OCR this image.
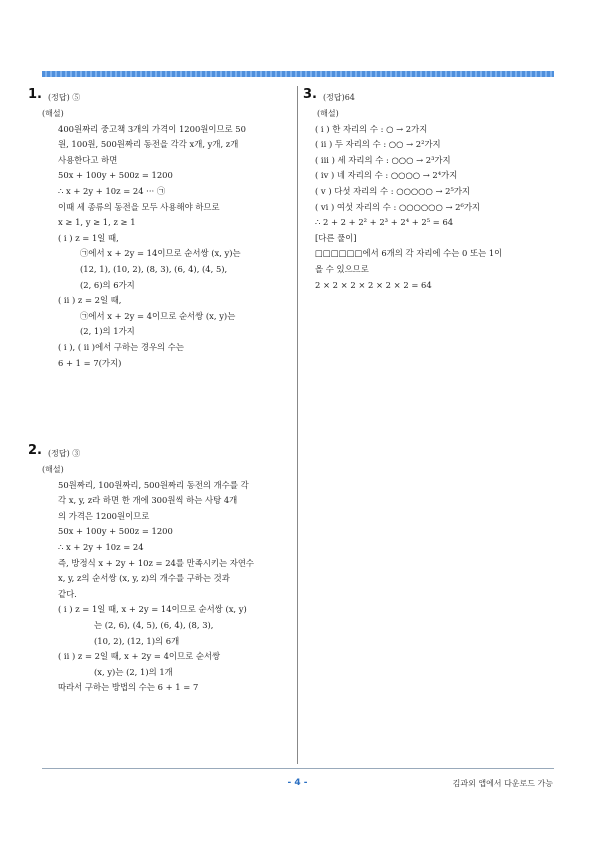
1. (정답) ⑤
(해설)
400원짜리 중고책 3개의 가격이 1200원이므로 50
원, 100원, 500원짜리 동전을 각각 x개, y개, z개
사용한다고 하면
50x + 100y + 500z = 1200
∴ x + 2y + 10z = 24 ··· ㉠
이때 세 종류의 동전을 모두 사용해야 하므로
x ≥ 1, y ≥ 1, z ≥ 1
( i ) z = 1일 때,
㉠에서 x + 2y = 14이므로 순서쌍 (x, y)는
(12, 1), (10, 2), (8, 3), (6, 4), (4, 5),
(2, 6)의 6가지
( ii ) z = 2일 때,
㉠에서 x + 2y = 4이므로 순서쌍 (x, y)는
(2, 1)의 1가지
( i ), ( ii )에서 구하는 경우의 수는
6 + 1 = 7(가지)
2. (정답) ③
(해설)
50원짜리, 100원짜리, 500원짜리 동전의 개수를 각
각 x, y, z라 하면 한 개에 300원씩 하는 사탕 4개
의 가격은 1200원이므로
50x + 100y + 500z = 1200
∴ x + 2y + 10z = 24
즉, 방정식 x + 2y + 10z = 24를 만족시키는 자연수
x, y, z의 순서쌍 (x, y, z)의 개수를 구하는 것과
같다.
( i ) z = 1일 때, x + 2y = 14이므로 순서쌍 (x, y)
는 (2, 6), (4, 5), (6, 4), (8, 3),
(10, 2), (12, 1)의 6개
( ii ) z = 2일 때, x + 2y = 4이므로 순서쌍
(x, y)는 (2, 1)의 1개
따라서 구하는 방법의 수는 6 + 1 = 7
3. (정답)64
(해설)
( i ) 한 자리의 수 : ○ → 2가지
( ii ) 두 자리의 수 : ○○ → 2²가지
( iii ) 세 자리의 수 : ○○○ → 2³가지
( iv ) 네 자리의 수 : ○○○○ → 2⁴가지
( v ) 다섯 자리의 수 : ○○○○○ → 2⁵가지
( vi ) 여섯 자리의 수 : ○○○○○○ → 2⁶가지
∴ 2 + 2 + 2² + 2³ + 2⁴ + 2⁵ = 64
[다른 풀이]
□□□□□□에서 6개의 각 자리에 수는 0 또는 1이
올 수 있으므로
2 × 2 × 2 × 2 × 2 × 2 = 64
- 4 -	김과외 앱에서 다운로드 가능
